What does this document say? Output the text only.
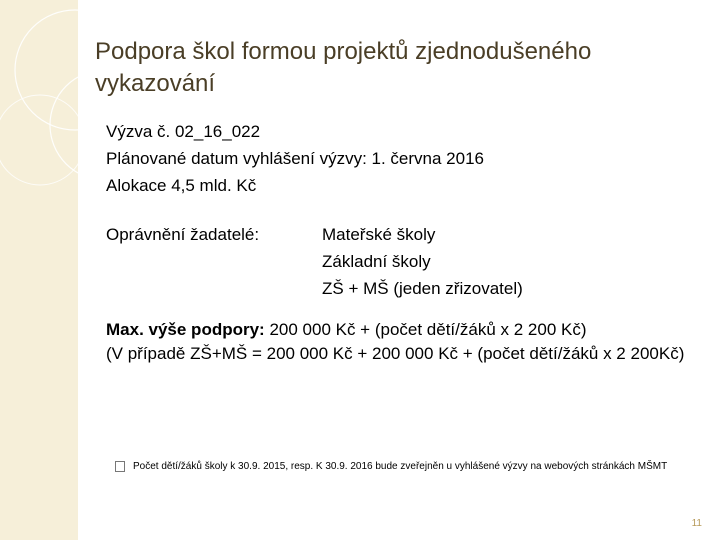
Podpora škol formou projektů zjednodušeného vykazování
Výzva č. 02_16_022
Plánované datum vyhlášení výzvy: 1. června 2016
Alokace 4,5 mld. Kč
Oprávnění žadatelé:	Mateřské školy
Základní školy
ZŠ + MŠ (jeden zřizovatel)
Max. výše podpory: 200 000 Kč + (počet dětí/žáků x 2 200 Kč)
(V případě ZŠ+MŠ = 200 000 Kč + 200 000 Kč + (počet dětí/žáků x 2 200Kč)
Počet dětí/žáků školy k 30.9. 2015, resp. K 30.9. 2016 bude zveřejněn u vyhlášené výzvy na webových stránkách MŠMT
11
